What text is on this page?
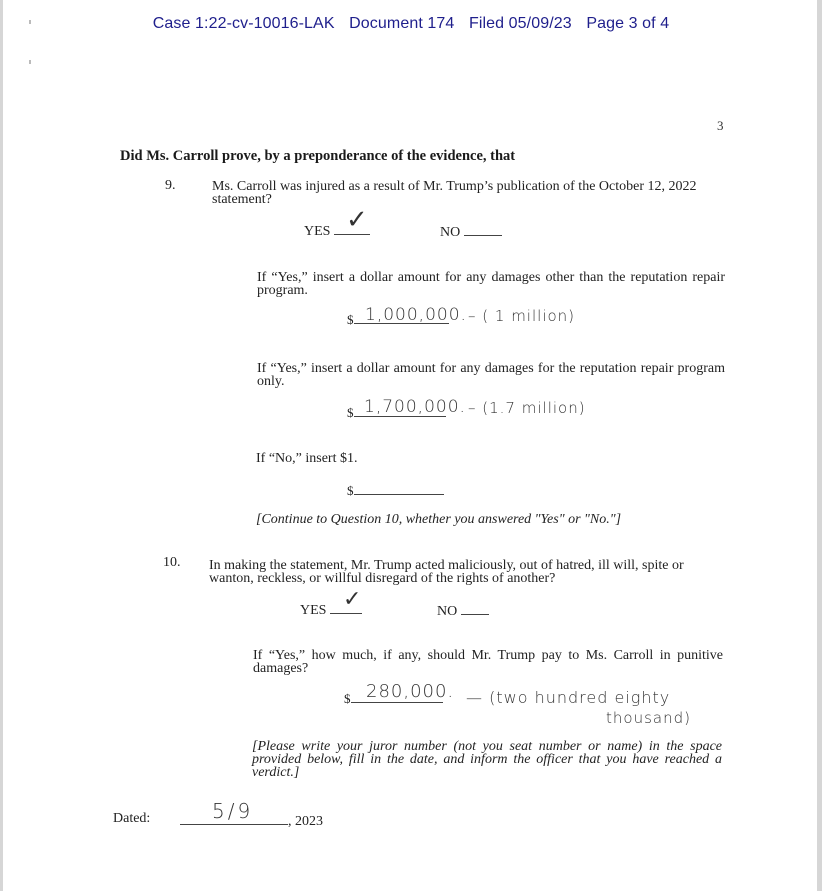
Case 1:22-cv-10016-LAK Document 174 Filed 05/09/23 Page 3 of 4
3
Did Ms. Carroll prove, by a preponderance of the evidence, that
9.	Ms. Carroll was injured as a result of Mr. Trump’s publication of the October 12, 2022 statement?
YES ✓	NO
If “Yes,” insert a dollar amount for any damages other than the reputation repair program.
$ 1,000,000. – ( 1 million)
If “Yes,” insert a dollar amount for any damages for the reputation repair program only.
$ 1,700,000. – (1.7 million)
If “No,” insert $1.
$
[Continue to Question 10, whether you answered "Yes" or "No."]
10. In making the statement, Mr. Trump acted maliciously, out of hatred, ill will, spite or wanton, reckless, or willful disregard of the rights of another?
YES ✓	NO
If “Yes,” how much, if any, should Mr. Trump pay to Ms. Carroll in punitive damages?
$ 280,000. — (two hundred eighty
thousand)
[Please write your juror number (not you seat number or name) in the space provided below, fill in the date, and inform the officer that you have reached a verdict.]
Dated:	, 2023
5/9
